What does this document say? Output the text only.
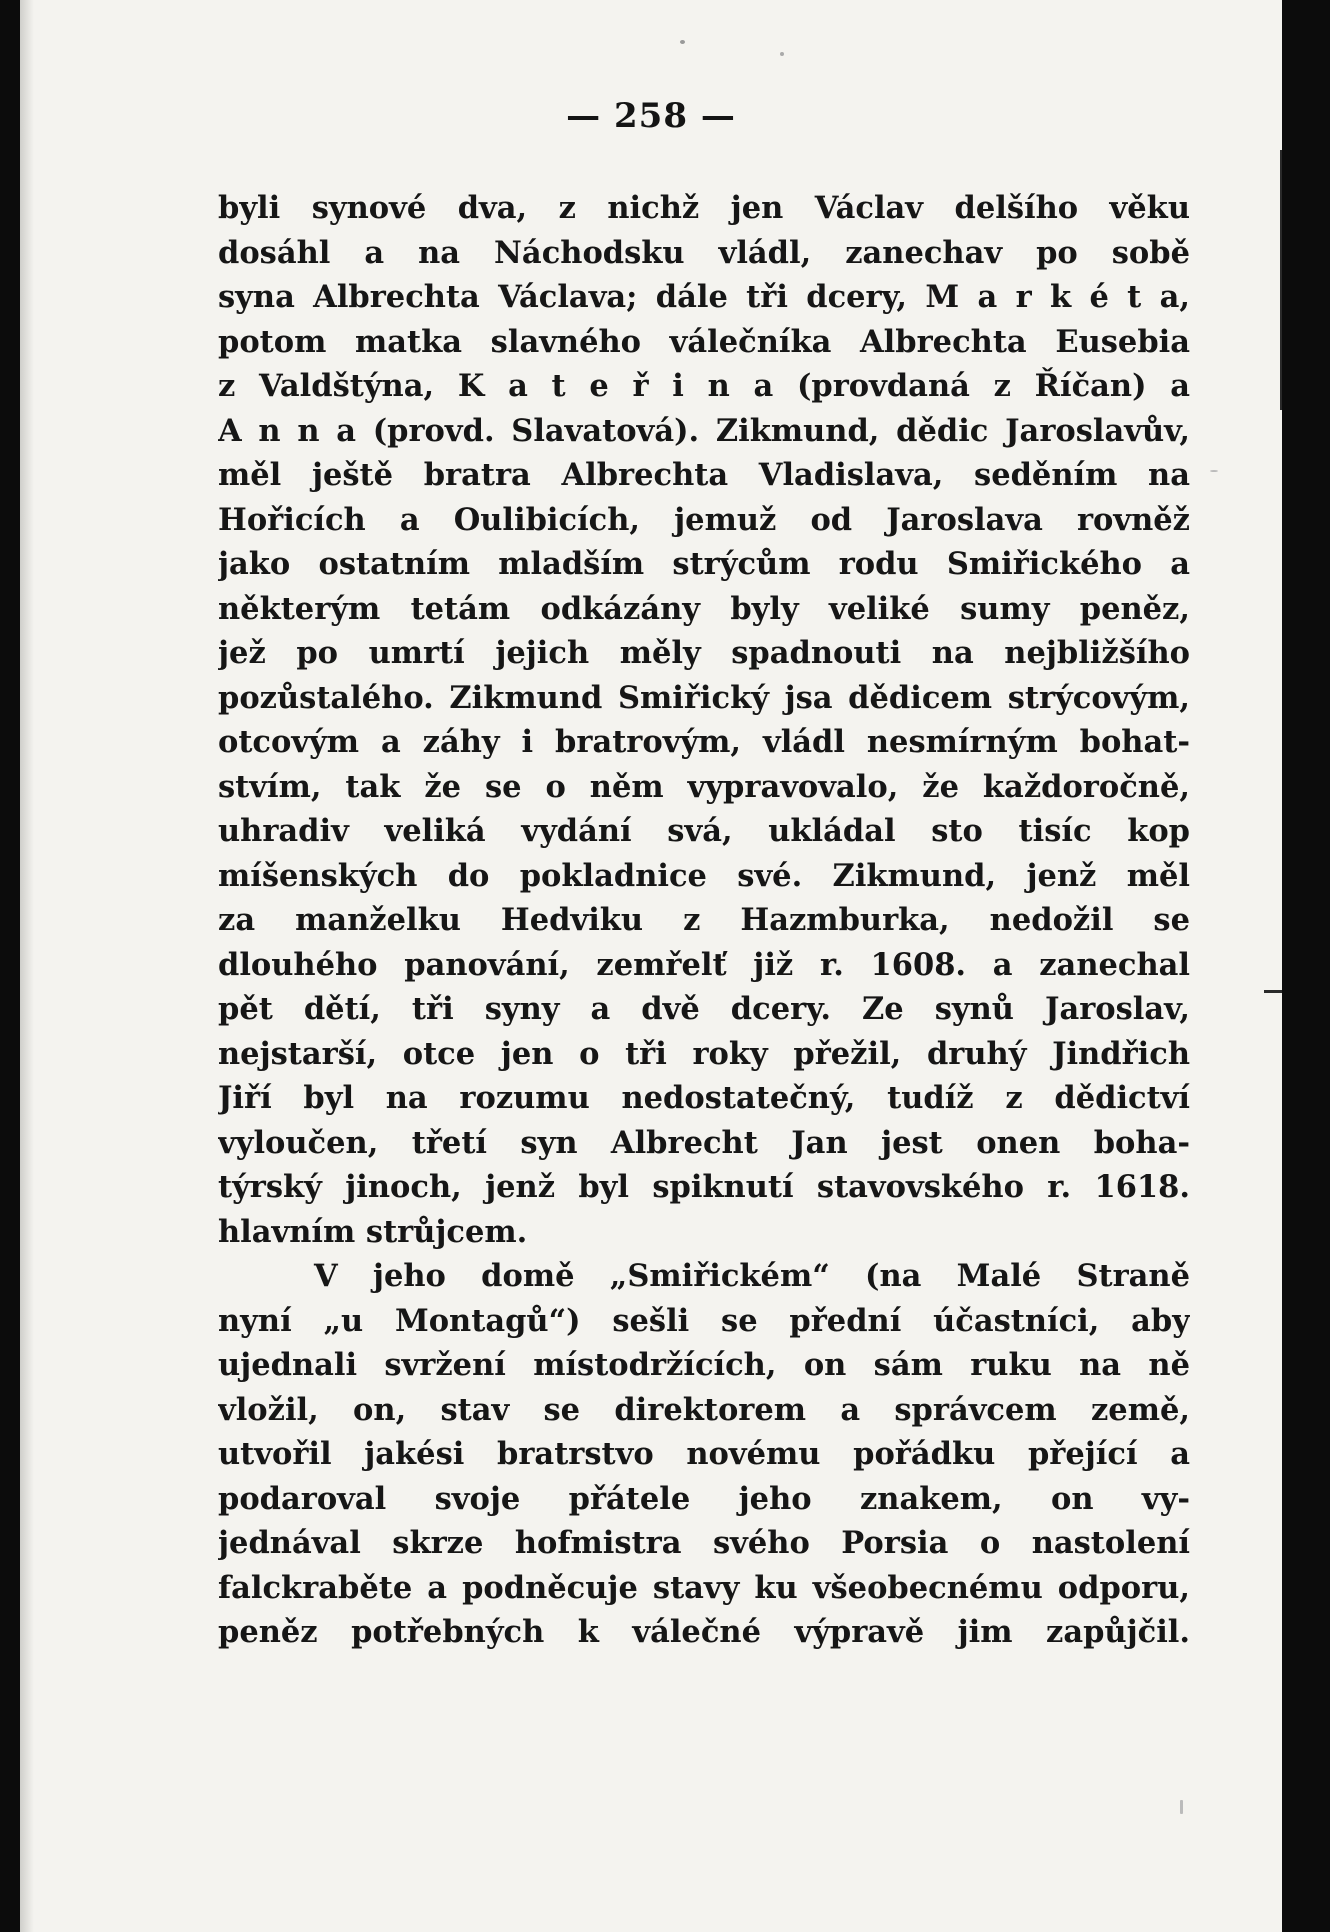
— 258 —
byli synové dva, z nichž jen Václav delšího věku
dosáhl a na Náchodsku vládl, zanechav po sobě
syna Albrechta Václava; dále tři dcery, M a r k é t a,
potom matka slavného válečníka Albrechta Eusebia
z Valdštýna, K a t e ř i n a (provdaná z Říčan) a
A n n a (provd. Slavatová). Zikmund, dědic Jaroslavův,
měl ještě bratra Albrechta Vladislava, seděním na
Hořicích a Oulibicích, jemuž od Jaroslava rovněž
jako ostatním mladším strýcům rodu Smiřického a
některým tetám odkázány byly veliké sumy peněz,
jež po umrtí jejich měly spadnouti na nejbližšího
pozůstalého. Zikmund Smiřický jsa dědicem strýcovým,
otcovým a záhy i bratrovým, vládl nesmírným bohat-
stvím, tak že se o něm vypravovalo, že každoročně,
uhradiv veliká vydání svá, ukládal sto tisíc kop
míšenských do pokladnice své. Zikmund, jenž měl
za manželku Hedviku z Hazmburka, nedožil se
dlouhého panování, zemřelť již r. 1608. a zanechal
pět dětí, tři syny a dvě dcery. Ze synů Jaroslav,
nejstarší, otce jen o tři roky přežil, druhý Jindřich
Jiří byl na rozumu nedostatečný, tudíž z dědictví
vyloučen, třetí syn Albrecht Jan jest onen boha-
týrský jinoch, jenž byl spiknutí stavovského r. 1618.
hlavním strůjcem.
V jeho domě „Smiřickém“ (na Malé Straně
nyní „u Montagů“) sešli se přední účastníci, aby
ujednali svržení místodržících, on sám ruku na ně
vložil, on, stav se direktorem a správcem země,
utvořil jakési bratrstvo novému pořádku přející a
podaroval svoje přátele jeho znakem, on vy-
jednával skrze hofmistra svého Porsia o nastolení
falckraběte a podněcuje stavy ku všeobecnému odporu,
peněz potřebných k válečné výpravě jim zapůjčil.
